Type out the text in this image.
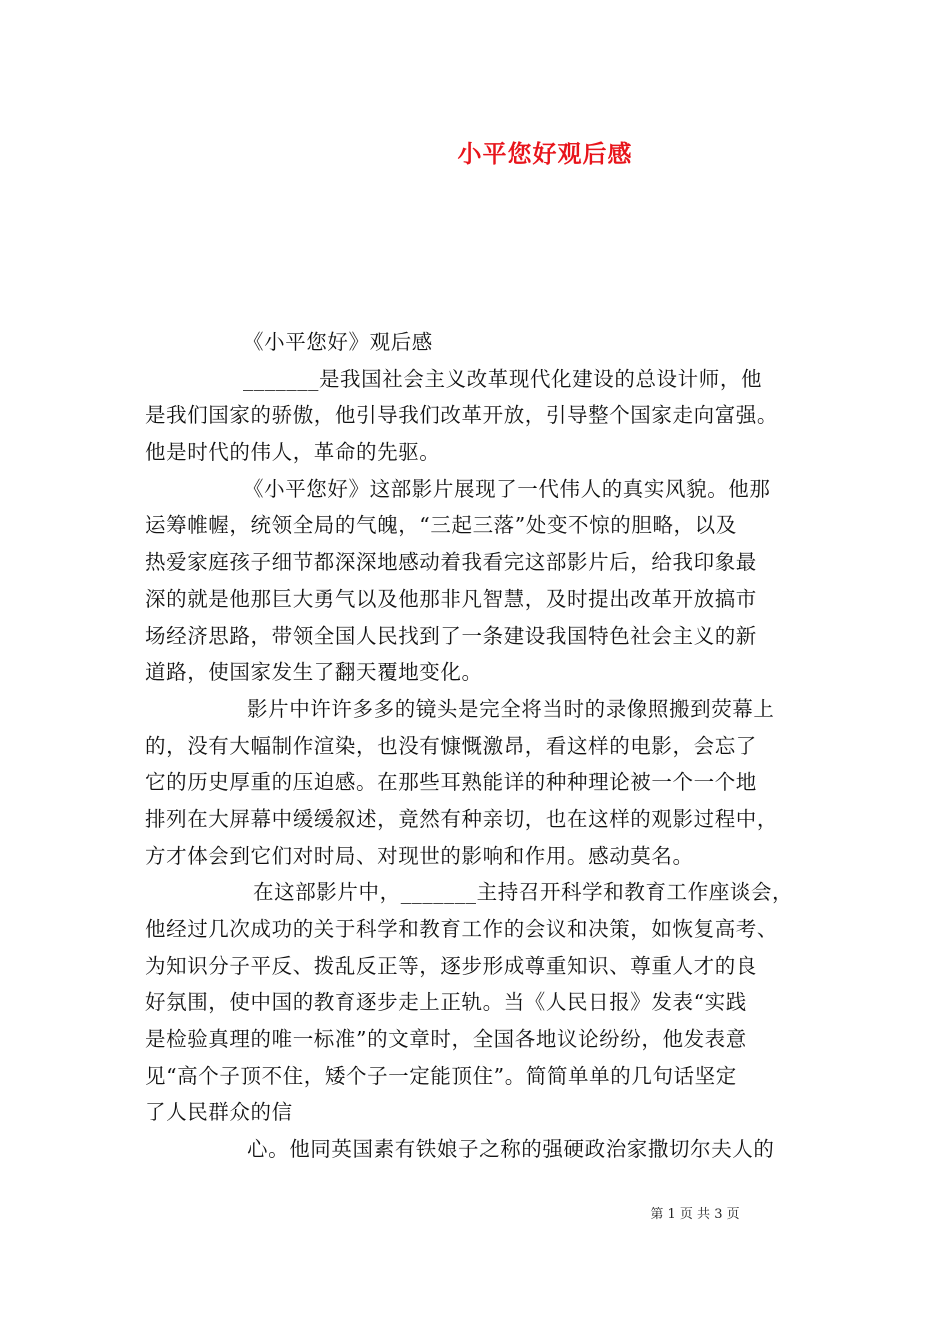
小平您好观后感
《小平您好》观后感
_______是我国社会主义改革现代化建设的总设计师，他
是我们国家的骄傲，他引导我们改革开放，引导整个国家走向富强。
他是时代的伟人，革命的先驱。
《小平您好》这部影片展现了一代伟人的真实风貌。他那
运筹帷幄，统领全局的气魄，“三起三落”处变不惊的胆略，以及
热爱家庭孩子细节都深深地感动着我看完这部影片后，给我印象最
深的就是他那巨大勇气以及他那非凡智慧，及时提出改革开放搞市
场经济思路，带领全国人民找到了一条建设我国特色社会主义的新
道路，使国家发生了翻天覆地变化。
影片中许许多多的镜头是完全将当时的录像照搬到荧幕上
的，没有大幅制作渲染，也没有慷慨激昂，看这样的电影，会忘了
它的历史厚重的压迫感。在那些耳熟能详的种种理论被一个一个地
排列在大屏幕中缓缓叙述，竟然有种亲切，也在这样的观影过程中，
方才体会到它们对时局、对现世的影响和作用。感动莫名。
在这部影片中，_______主持召开科学和教育工作座谈会，
他经过几次成功的关于科学和教育工作的会议和决策，如恢复高考、
为知识分子平反、拨乱反正等，逐步形成尊重知识、尊重人才的良
好氛围，使中国的教育逐步走上正轨。当《人民日报》发表“实践
是检验真理的唯一标准”的文章时，全国各地议论纷纷，他发表意
见“高个子顶不住，矮个子一定能顶住”。简简单单的几句话坚定
了人民群众的信
心。他同英国素有铁娘子之称的强硬政治家撒切尔夫人的
第 1 页 共 3 页
